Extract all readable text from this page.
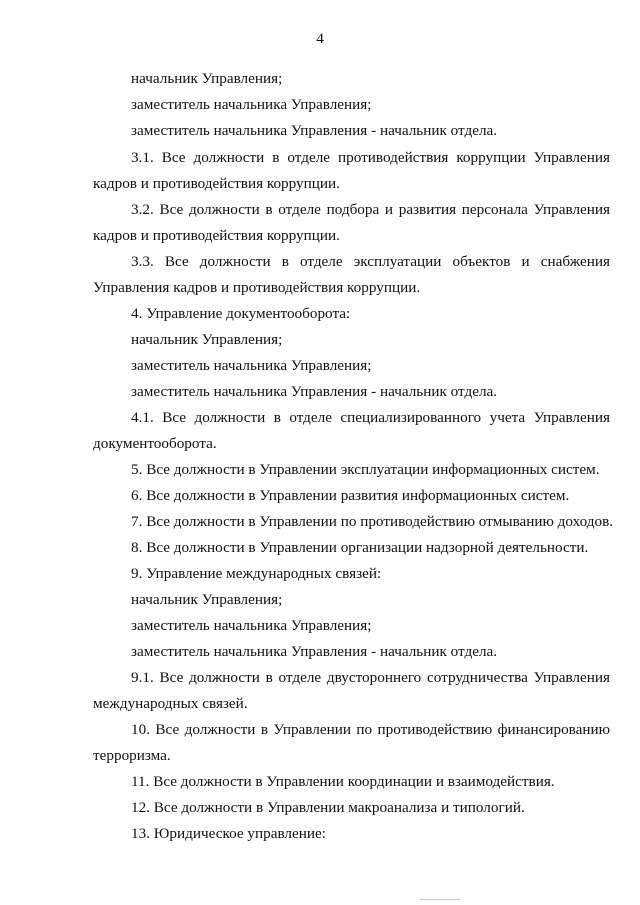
4
начальник Управления;
заместитель начальника Управления;
заместитель начальника Управления - начальник отдела.
3.1. Все должности в отделе противодействия коррупции Управления
кадров и противодействия коррупции.
3.2. Все должности в отделе подбора и развития персонала Управления
кадров и противодействия коррупции.
3.3. Все должности в отделе эксплуатации объектов и снабжения
Управления кадров и противодействия коррупции.
4. Управление документооборота:
начальник Управления;
заместитель начальника Управления;
заместитель начальника Управления - начальник отдела.
4.1. Все должности в отделе специализированного учета Управления
документооборота.
5. Все должности в Управлении эксплуатации информационных систем.
6. Все должности в Управлении развития информационных систем.
7. Все должности в Управлении по противодействию отмыванию доходов.
8. Все должности в Управлении организации надзорной деятельности.
9. Управление международных связей:
начальник Управления;
заместитель начальника Управления;
заместитель начальника Управления - начальник отдела.
9.1. Все должности в отделе двустороннего сотрудничества Управления
международных связей.
10. Все должности в Управлении по противодействию финансированию
терроризма.
11. Все должности в Управлении координации и взаимодействия.
12. Все должности в Управлении макроанализа и типологий.
13. Юридическое управление:
